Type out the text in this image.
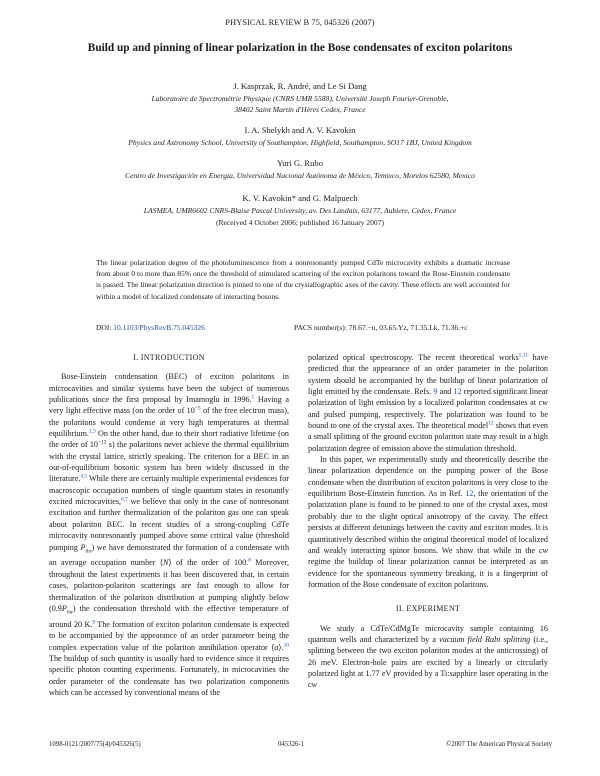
PHYSICAL REVIEW B 75, 045326 (2007)
Build up and pinning of linear polarization in the Bose condensates of exciton polaritons
J. Kasprzak, R. André, and Le Si Dang
Laboratoire de Spectrométrie Physique (CNRS UMR 5588), Université Joseph Fourier-Grenoble,
38402 Saint Martin d'Hères Cedex, France
I. A. Shelykh and A. V. Kavokin
Physics and Astronomy School, University of Southampton, Highfield, Southampton, SO17 1BJ, United Kingdom
Yuri G. Rubo
Centro de Investigación en Energía, Universidad Nacional Autónoma de México, Temixco, Morelos 62580, Mexico
K. V. Kavokin* and G. Malpuech
LASMEA, UMR6602 CNRS-Blaise Pascal University, av. Des Landais, 63177, Aubiere, Cedex, France
(Received 4 October 2006; published 16 January 2007)
The linear polarization degree of the photoluminescence from a nonresonantly pumped CdTe microcavity exhibits a dramatic increase from about 0 to more than 85% once the threshold of stimulated scattering of the exciton polaritons toward the Bose-Einstein condensate is passed. The linear polarization direction is pinned to one of the crystallographic axes of the cavity. These effects are well accounted for within a model of localized condensate of interacting bosons.
DOI: 10.1103/PhysRevB.75.045326	PACS number(s): 78.67.−n, 03.65.Yz, 71.35.Lk, 71.36.+c
I. INTRODUCTION

Bose-Einstein condensation (BEC) of exciton polaritons in microcavities and similar systems have been the subject of numerous publications since the first proposal by Imamoglu in 1996.$^1$ Having a very light effective mass (on the order of $10^{-5}$ of the free electron mass), the polaritons would condense at very high temperatures at thermal equilibrium.$^{2,3}$ On the other hand, due to their short radiative lifetime (on the order of $10^{-12}$ s) the polaritons never achieve the thermal equilibrium with the crystal lattice, strictly speaking. The criterion for a BEC in an out-of-equilibrium bosonic system has been widely discussed in the literature.$^{4,5}$ While there are certainly multiple experimental evidences for macroscopic occupation numbers of single quantum states in resonantly excited microcavities,$^{6,7}$ we believe that only in the case of nonresonant excitation and further thermalization of the polariton gas one can speak about polariton BEC. In recent studies of a strong-coupling CdTe microcavity nonresonantly pumped above some critical value (threshold pumping $P_{thr}$) we have demonstrated the formation of a condensate with an average occupation number ⟨N⟩ of the order of 100.$^8$ Moreover, throughout the latest experiments it has been discovered that, in certain cases, polariton-polariton scatterings are fast enough to allow for thermalization of the polariton distribution at pumping slightly below $(0.9P_{thr})$ the condensation threshold with the effective temperature of around 20 K.$^9$ The formation of exciton polariton condensate is expected to be accompanied by the appearance of an order parameter being the complex expectation value of the polariton annihilation operator ⟨a⟩.$^{10}$ The buildup of such quantity is usually hard to evidence since it requires specific photon counting experiments. Fortunately, in microcavities the order parameter of the condensate has two polarization components which can be accessed by conventional means of the

polarized optical spectroscopy. The recent theoretical works$^{5,11}$ have predicted that the appearance of an order parameter in the polariton system should be accompanied by the buildup of linear polarization of light emitted by the condensate. Refs. 9 and 12 reported significant linear polarization of light emission by a localized polariton condensates at cw and pulsed pumping, respectively. The polarization was found to be bound to one of the crystal axes. The theoretical model$^{12}$ shows that even a small splitting of the ground exciton polariton state may result in a high polarization degree of emission above the stimulation threshold.

In this paper, we experimentally study and theoretically describe the linear polarization dependence on the pumping power of the Bose condensate when the distribution of exciton polaritons is very close to the equilibrium Bose-Einstein function. As in Ref. 12, the orientation of the polarization plane is found to be pinned to one of the crystal axes, most probably due to the slight optical anisotropy of the cavity. The effect persists at different detunings between the cavity and exciton modes. It is quantitatively described within the original theoretical model of localized and weakly interacting spinor bosons. We show that while in the cw regime the buildup of linear polarization cannot be interpreted as an evidence for the spontaneous symmetry breaking, it is a fingerprint of formation of the Bose condensate of exciton polaritons.

II. EXPERIMENT

We study a CdTe/CdMgTe microcavity sample containing 16 quantum wells and characterized by a vacuum field Rabi splitting (i.e., splitting between the two exciton polariton modes at the anticrossing) of 26 meV. Electron-hole pairs are excited by a linearly or circularly polarized light at 1.77 eV provided by a Ti:sapphire laser operating in the cw

1098-0121/2007/75(4)/045326(5)	045326-1	©2007 The American Physical Society
